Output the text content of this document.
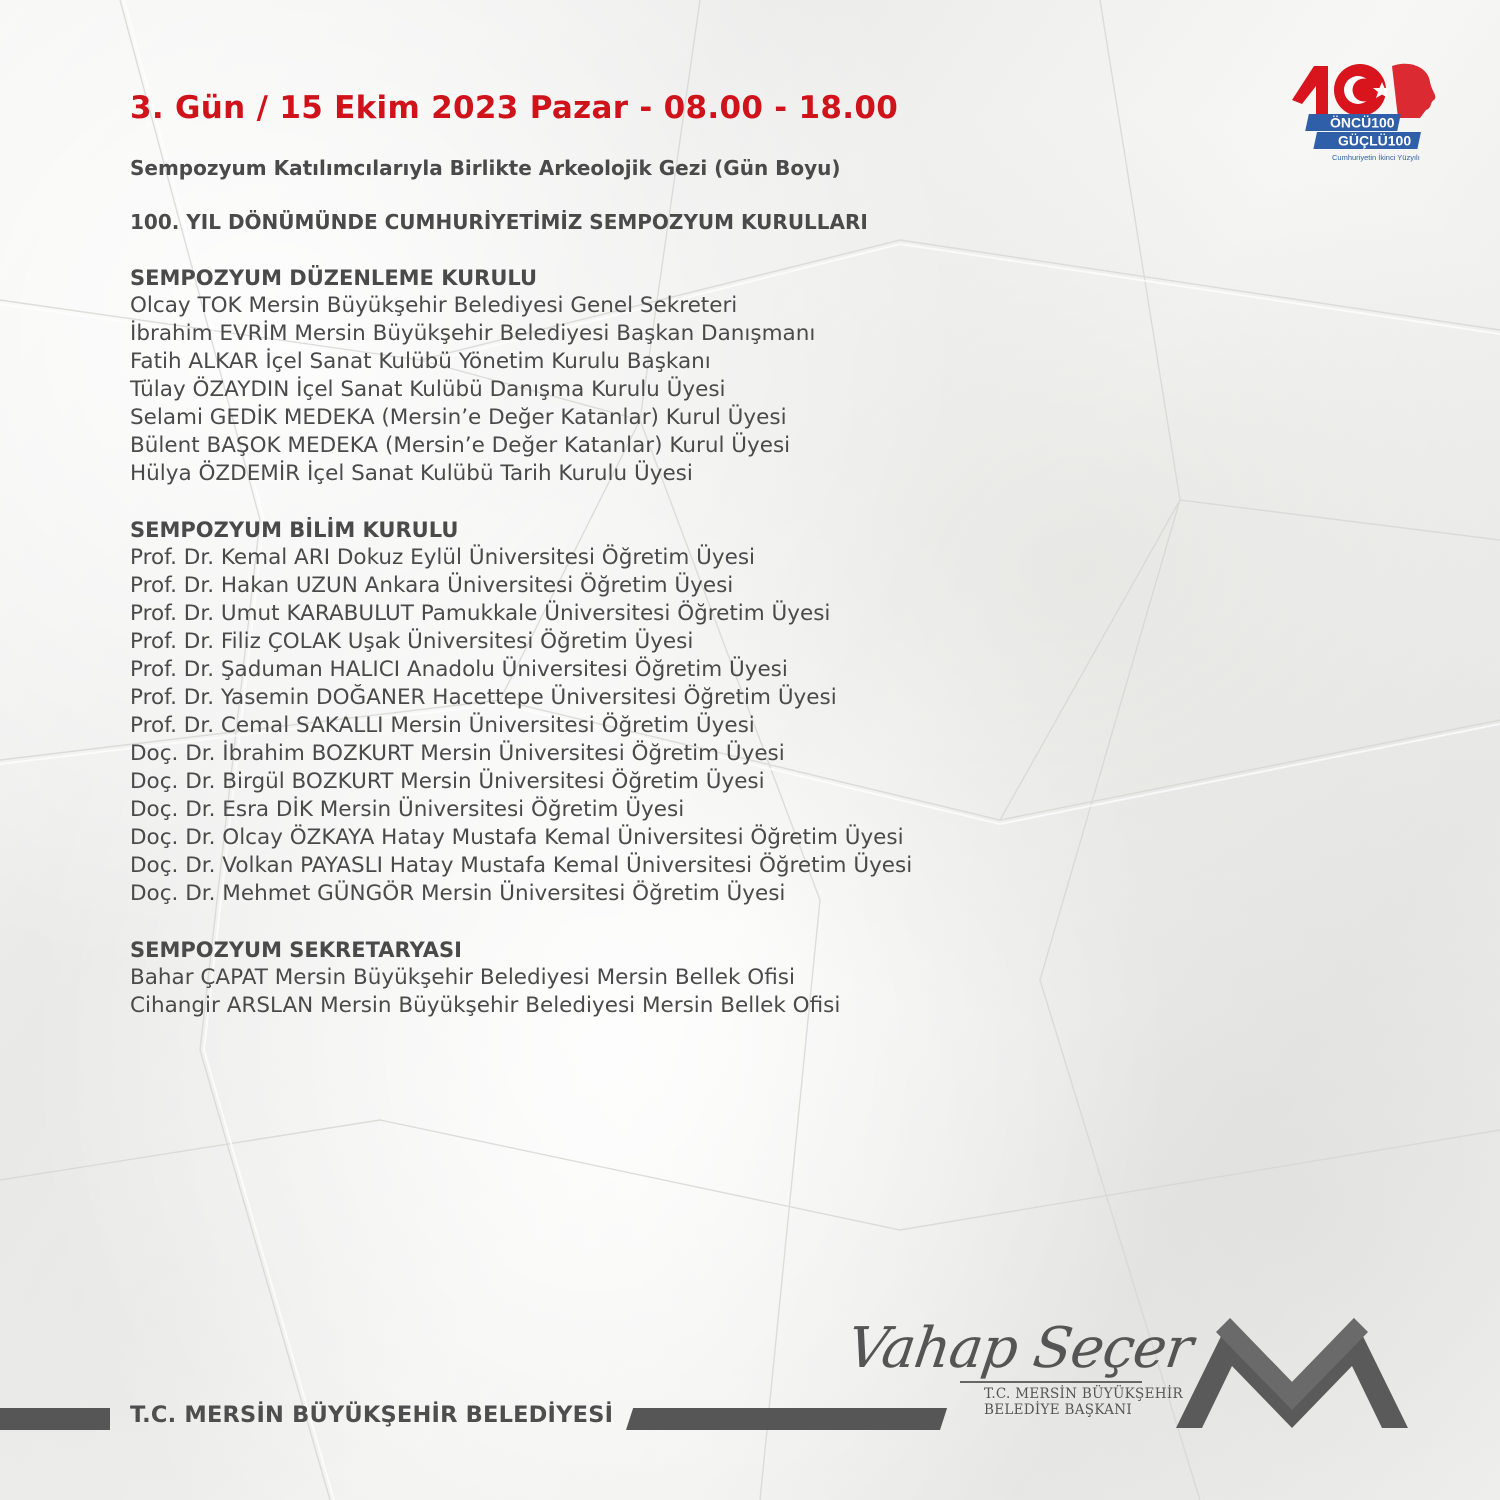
3. Gün / 15 Ekim 2023 Pazar - 08.00 - 18.00
Sempozyum Katılımcılarıyla Birlikte Arkeolojik Gezi (Gün Boyu)
100. YIL DÖNÜMÜNDE CUMHURİYETİMİZ SEMPOZYUM KURULLARI
SEMPOZYUM DÜZENLEME KURULU
Olcay TOK Mersin Büyükşehir Belediyesi Genel Sekreteri
İbrahim EVRİM Mersin Büyükşehir Belediyesi Başkan Danışmanı
Fatih ALKAR İçel Sanat Kulübü Yönetim Kurulu Başkanı
Tülay ÖZAYDIN İçel Sanat Kulübü Danışma Kurulu Üyesi
Selami GEDİK MEDEKA (Mersin’e Değer Katanlar) Kurul Üyesi
Bülent BAŞOK MEDEKA (Mersin’e Değer Katanlar) Kurul Üyesi
Hülya ÖZDEMİR İçel Sanat Kulübü Tarih Kurulu Üyesi
SEMPOZYUM BİLİM KURULU
Prof. Dr. Kemal ARI Dokuz Eylül Üniversitesi Öğretim Üyesi
Prof. Dr. Hakan UZUN Ankara Üniversitesi Öğretim Üyesi
Prof. Dr. Umut KARABULUT Pamukkale Üniversitesi Öğretim Üyesi
Prof. Dr. Filiz ÇOLAK Uşak Üniversitesi Öğretim Üyesi
Prof. Dr. Şaduman HALICI Anadolu Üniversitesi Öğretim Üyesi
Prof. Dr. Yasemin DOĞANER Hacettepe Üniversitesi Öğretim Üyesi
Prof. Dr. Cemal SAKALLI Mersin Üniversitesi Öğretim Üyesi
Doç. Dr. İbrahim BOZKURT Mersin Üniversitesi Öğretim Üyesi
Doç. Dr. Birgül BOZKURT Mersin Üniversitesi Öğretim Üyesi
Doç. Dr. Esra DİK Mersin Üniversitesi Öğretim Üyesi
Doç. Dr. Olcay ÖZKAYA Hatay Mustafa Kemal Üniversitesi Öğretim Üyesi
Doç. Dr. Volkan PAYASLI Hatay Mustafa Kemal Üniversitesi Öğretim Üyesi
Doç. Dr. Mehmet GÜNGÖR Mersin Üniversitesi Öğretim Üyesi
SEMPOZYUM SEKRETARYASI
Bahar ÇAPAT Mersin Büyükşehir Belediyesi Mersin Bellek Ofisi
Cihangir ARSLAN Mersin Büyükşehir Belediyesi Mersin Bellek Ofisi
ÖNCÜ100
GÜÇLÜ100
Cumhuriyetin İkinci Yüzyılı
T.C. MERSİN BÜYÜKŞEHİR BELEDİYESİ
Vahap Seçer
T.C. MERSİN BÜYÜKŞEHİR
BELEDİYE BAŞKANI
